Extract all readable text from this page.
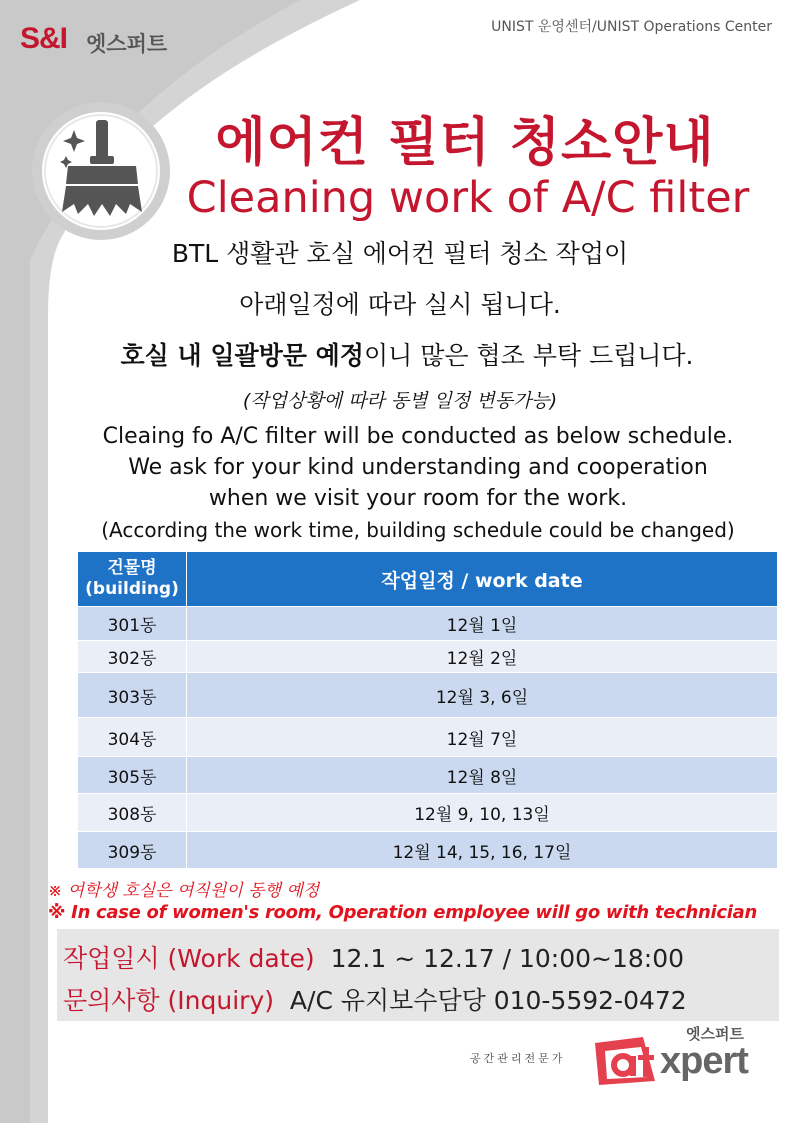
S&I 엣스퍼트
UNIST 운영센터/UNIST Operations Center
에어컨 필터 청소안내
Cleaning work of A/C filter
BTL 생활관 호실 에어컨 필터 청소 작업이
아래일정에 따라 실시 됩니다.
호실 내 일괄방문 예정이니 많은 협조 부탁 드립니다.
(작업상황에 따라 동별 일정 변동가능)
Cleaing fo A/C filter will be conducted as below schedule.
We ask for your kind understanding and cooperation
when we visit your room for the work.
(According the work time, building schedule could be changed)
건물명
(building)	작업일정 / work date
301동	12월 1일
302동	12월 2일
303동	12월 3, 6일
304동	12월 7일
305동	12월 8일
308동	12월 9, 10, 13일
309동	12월 14, 15, 16, 17일
※ 여학생 호실은 여직원이 동행 예정
※ In case of women's room, Operation employee will go with technician
작업일시 (Work date) 12.1 ~ 12.17 / 10:00~18:00
문의사항 (Inquiry) A/C 유지보수담당 010-5592-0472
공간관리전문가
엣스퍼트
xpert
